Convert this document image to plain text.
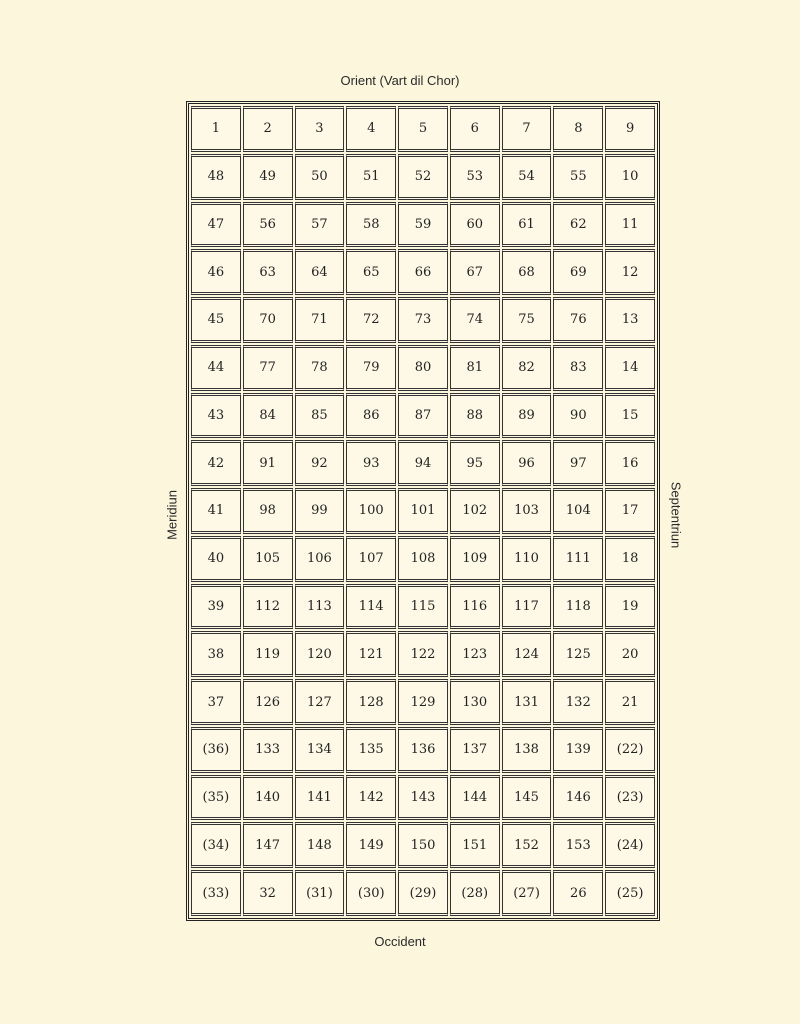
Orient (Vart dil Chor)
Meridiun	Septentriun
1	2	3	4	5	6	7	8	9
48	49	50	51	52	53	54	55	10
47	56	57	58	59	60	61	62	11
46	63	64	65	66	67	68	69	12
45	70	71	72	73	74	75	76	13
44	77	78	79	80	81	82	83	14
43	84	85	86	87	88	89	90	15
42	91	92	93	94	95	96	97	16
41	98	99	100	101	102	103	104	17
40	105	106	107	108	109	110	111	18
39	112	113	114	115	116	117	118	19
38	119	120	121	122	123	124	125	20
37	126	127	128	129	130	131	132	21
(36)	133	134	135	136	137	138	139	(22)
(35)	140	141	142	143	144	145	146	(23)
(34)	147	148	149	150	151	152	153	(24)
(33)	32	(31)	(30)	(29)	(28)	(27)	26	(25)
Occident
